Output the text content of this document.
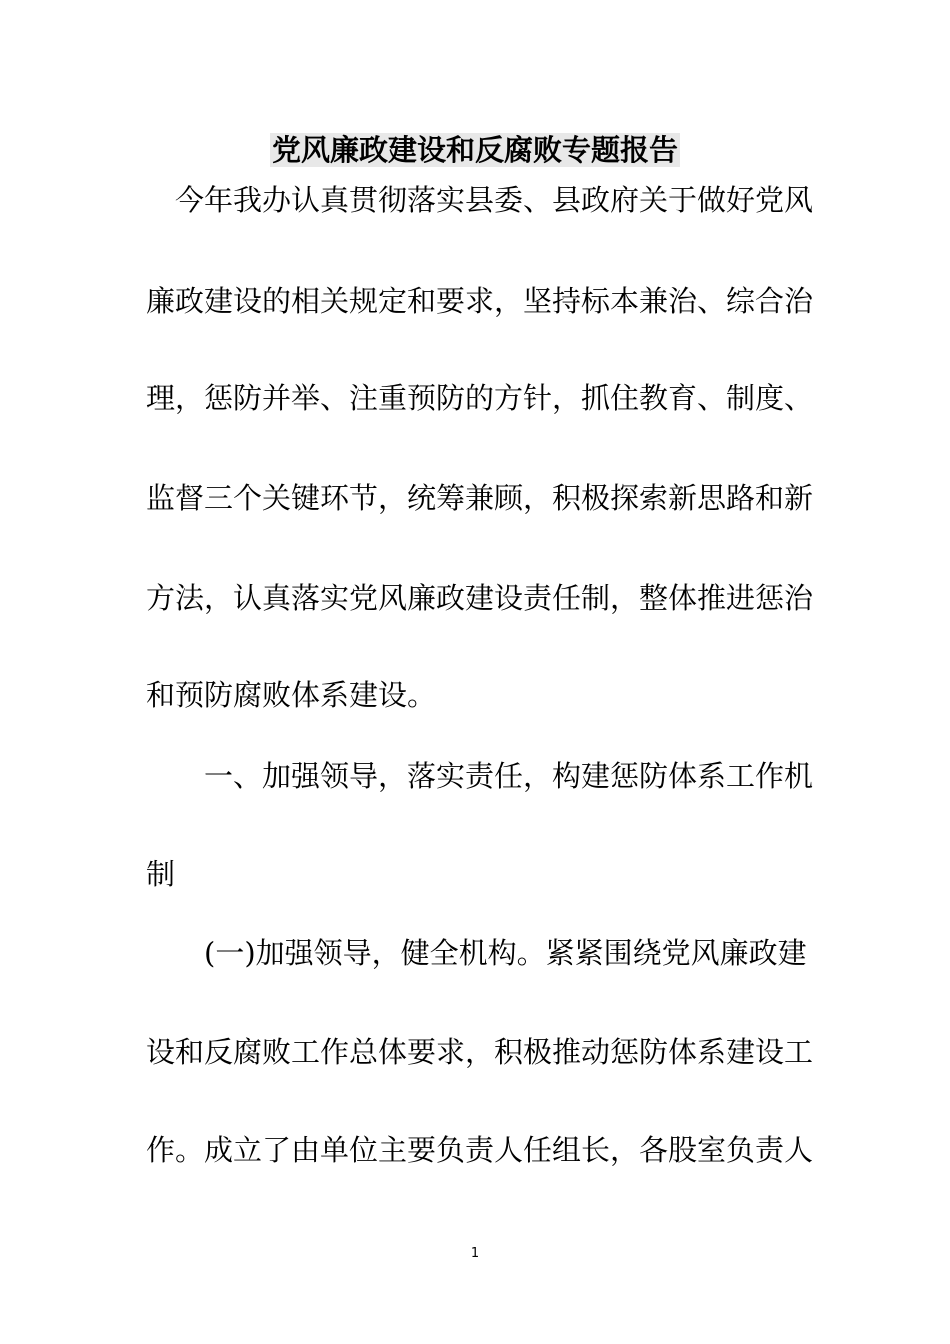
党风廉政建设和反腐败专题报告

今年我办认真贯彻落实县委、县政府关于做好党风

廉政建设的相关规定和要求，坚持标本兼治、综合治

理，惩防并举、注重预防的方针，抓住教育、制度、

监督三个关键环节，统筹兼顾，积极探索新思路和新

方法，认真落实党风廉政建设责任制，整体推进惩治

和预防腐败体系建设。

一、加强领导，落实责任，构建惩防体系工作机

制

(一)加强领导，健全机构。紧紧围绕党风廉政建

设和反腐败工作总体要求，积极推动惩防体系建设工

作。成立了由单位主要负责人任组长，各股室负责人

1
